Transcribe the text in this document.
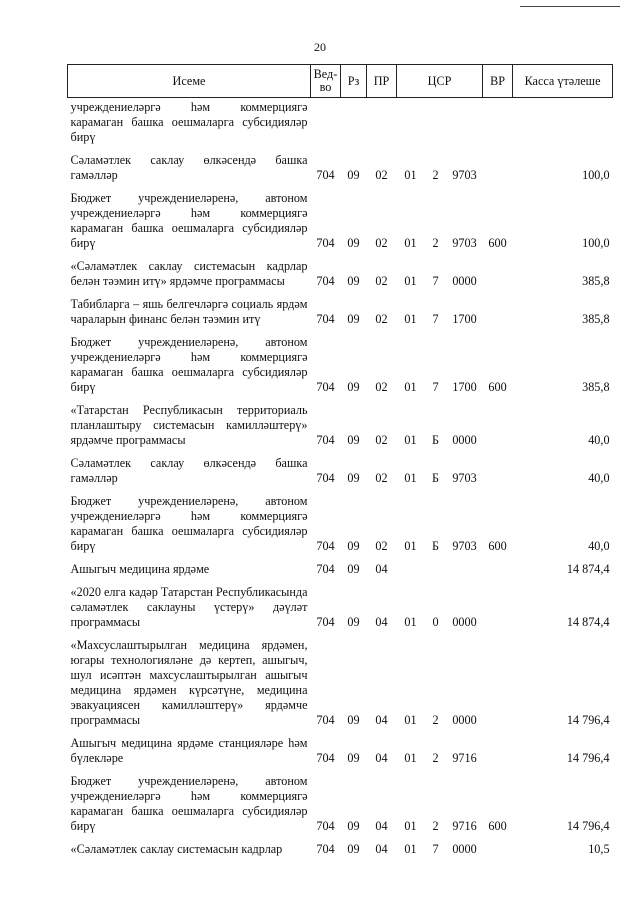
20
Исеме	Вед-во	Рз	ПР	ЦСР			ВР	Касса үтәлеше
учреждениеләргә һәм коммерциягә карамаган башка оешмаларга субсидияләр бирү								
Сәламәтлек саклау өлкәсендә башка гамәлләр	704	09	02	01	2	9703		100,0
Бюджет учреждениеләренә, автоном учреждениеләргә һәм коммерциягә карамаган башка оешмаларга субсидияләр бирү	704	09	02	01	2	9703	600	100,0
«Сәламәтлек саклау системасын кадрлар белән тәэмин итү» ярдәмче программасы	704	09	02	01	7	0000		385,8
Табибларга – яшь белгечләргә социаль ярдәм чараларын финанс белән тәэмин итү	704	09	02	01	7	1700		385,8
Бюджет учреждениеләренә, автоном учреждениеләргә һәм коммерциягә карамаган башка оешмаларга субсидияләр бирү	704	09	02	01	7	1700	600	385,8
«Татарстан Республикасын территориаль планлаштыру системасын камилләштерү» ярдәмче программасы	704	09	02	01	Б	0000		40,0
Сәламәтлек саклау өлкәсендә башка гамәлләр	704	09	02	01	Б	9703		40,0
Бюджет учреждениеләренә, автоном учреждениеләргә һәм коммерциягә карамаган башка оешмаларга субсидияләр бирү	704	09	02	01	Б	9703	600	40,0
Ашыгыч медицина ярдәме	704	09	04					14 874,4
«2020 елга кадәр Татарстан Республикасында сәламәтлек саклауны үстерү» дәүләт программасы	704	09	04	01	0	0000		14 874,4
«Махсуслаштырылган медицина ярдәмен, югары технологияләне дә кертеп, ашыгыч, шул исәптән махсуслаштырылган ашыгыч медицина ярдәмен күрсәтүне, медицина эвакуациясен камилләштерү» ярдәмче программасы	704	09	04	01	2	0000		14 796,4
Ашыгыч медицина ярдәме станцияләре һәм бүлекләре	704	09	04	01	2	9716		14 796,4
Бюджет учреждениеләренә, автоном учреждениеләргә һәм коммерциягә карамаган башка оешмаларга субсидияләр бирү	704	09	04	01	2	9716	600	14 796,4
«Сәламәтлек саклау системасын кадрлар	704	09	04	01	7	0000		10,5
